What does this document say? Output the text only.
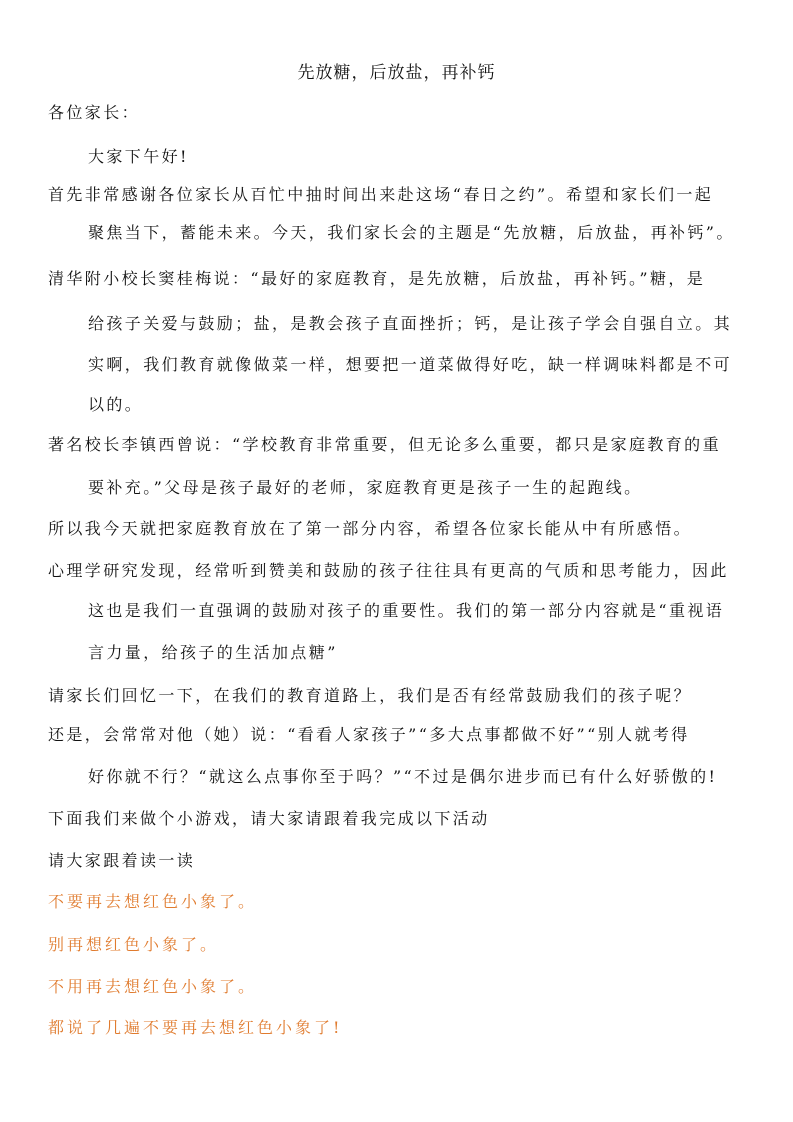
先放糖，后放盐，再补钙
各位家长：
大家下午好!
首先非常感谢各位家长从百忙中抽时间出来赴这场“春日之约”。希望和家长们一起
聚焦当下，蓄能未来。今天，我们家长会的主题是“先放糖，后放盐，再补钙”。
清华附小校长窦桂梅说：“最好的家庭教育，是先放糖，后放盐，再补钙。”糖，是
给孩子关爱与鼓励；盐，是教会孩子直面挫折；钙，是让孩子学会自强自立。其
实啊，我们教育就像做菜一样，想要把一道菜做得好吃，缺一样调味料都是不可
以的。
著名校长李镇西曾说：“学校教育非常重要，但无论多么重要，都只是家庭教育的重
要补充。”父母是孩子最好的老师，家庭教育更是孩子一生的起跑线。
所以我今天就把家庭教育放在了第一部分内容，希望各位家长能从中有所感悟。
心理学研究发现，经常听到赞美和鼓励的孩子往往具有更高的气质和思考能力，因此
这也是我们一直强调的鼓励对孩子的重要性。我们的第一部分内容就是“重视语
言力量，给孩子的生活加点糖”
请家长们回忆一下，在我们的教育道路上，我们是否有经常鼓励我们的孩子呢？
还是，会常常对他（她）说：“看看人家孩子”“多大点事都做不好”“别人就考得
好你就不行？“就这么点事你至于吗？”“不过是偶尔进步而已有什么好骄傲的!
下面我们来做个小游戏，请大家请跟着我完成以下活动
请大家跟着读一读
不要再去想红色小象了。
别再想红色小象了。
不用再去想红色小象了。
都说了几遍不要再去想红色小象了!
